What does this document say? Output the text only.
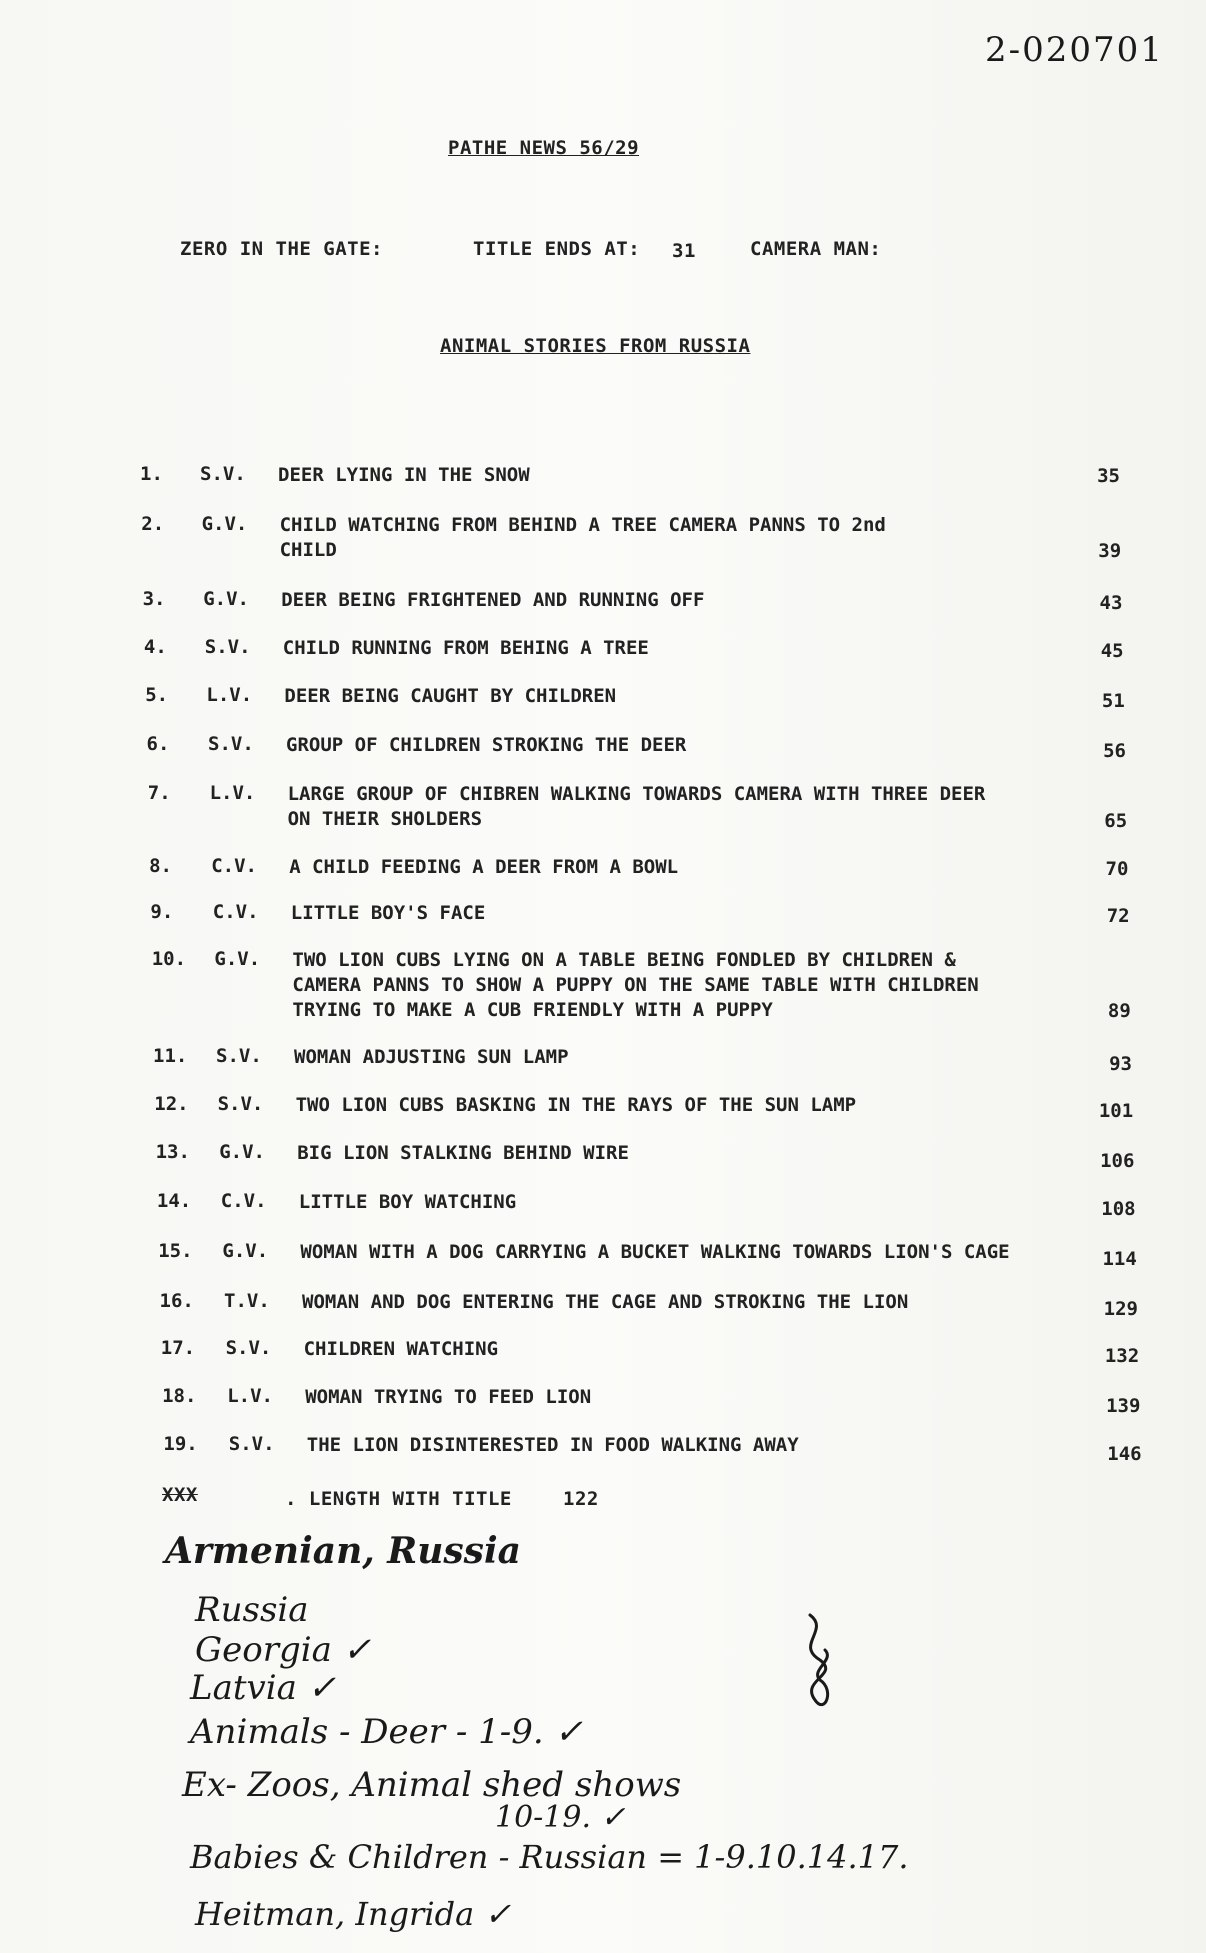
2-020701
PATHE NEWS 56/29
ZERO IN THE GATE:	TITLE ENDS AT: 31	CAMERA MAN:
ANIMAL STORIES FROM RUSSIA
1. S.V. DEER LYING IN THE SNOW	35
2. G.V. CHILD WATCHING FROM BEHIND A TREE CAMERA PANNS TO 2nd
CHILD	39
3. G.V. DEER BEING FRIGHTENED AND RUNNING OFF	43
4. S.V. CHILD RUNNING FROM BEHING A TREE	45
5. L.V. DEER BEING CAUGHT BY CHILDREN	51
6. S.V. GROUP OF CHILDREN STROKING THE DEER	56
7. L.V. LARGE GROUP OF CHIBREN WALKING TOWARDS CAMERA WITH THREE DEER
ON THEIR SHOLDERS	65
8. C.V. A CHILD FEEDING A DEER FROM A BOWL	70
9. C.V. LITTLE BOY'S FACE	72
10. G.V. TWO LION CUBS LYING ON A TABLE BEING FONDLED BY CHILDREN &
CAMERA PANNS TO SHOW A PUPPY ON THE SAME TABLE WITH CHILDREN
TRYING TO MAKE A CUB FRIENDLY WITH A PUPPY	89
11. S.V. WOMAN ADJUSTING SUN LAMP	93
12. S.V. TWO LION CUBS BASKING IN THE RAYS OF THE SUN LAMP	101
13. G.V. BIG LION STALKING BEHIND WIRE	106
14. C.V. LITTLE BOY WATCHING	108
15. G.V. WOMAN WITH A DOG CARRYING A BUCKET WALKING TOWARDS LION'S CAGE	114
16. T.V. WOMAN AND DOG ENTERING THE CAGE AND STROKING THE LION	129
17. S.V. CHILDREN WATCHING	132
18. L.V. WOMAN TRYING TO FEED LION	139
19. S.V. THE LION DISINTERESTED IN FOOD WALKING AWAY	146
XXX	. LENGTH WITH TITLE	122
Armenian, Russia
Russia
Georgia ✓
Latvia ✓
Animals - Deer - 1-9. ✓
Ex- Zoos, Animal shed shows
10-19. ✓
Babies & Children - Russian = 1-9.10.14.17.
Heitman, Ingrida ✓
